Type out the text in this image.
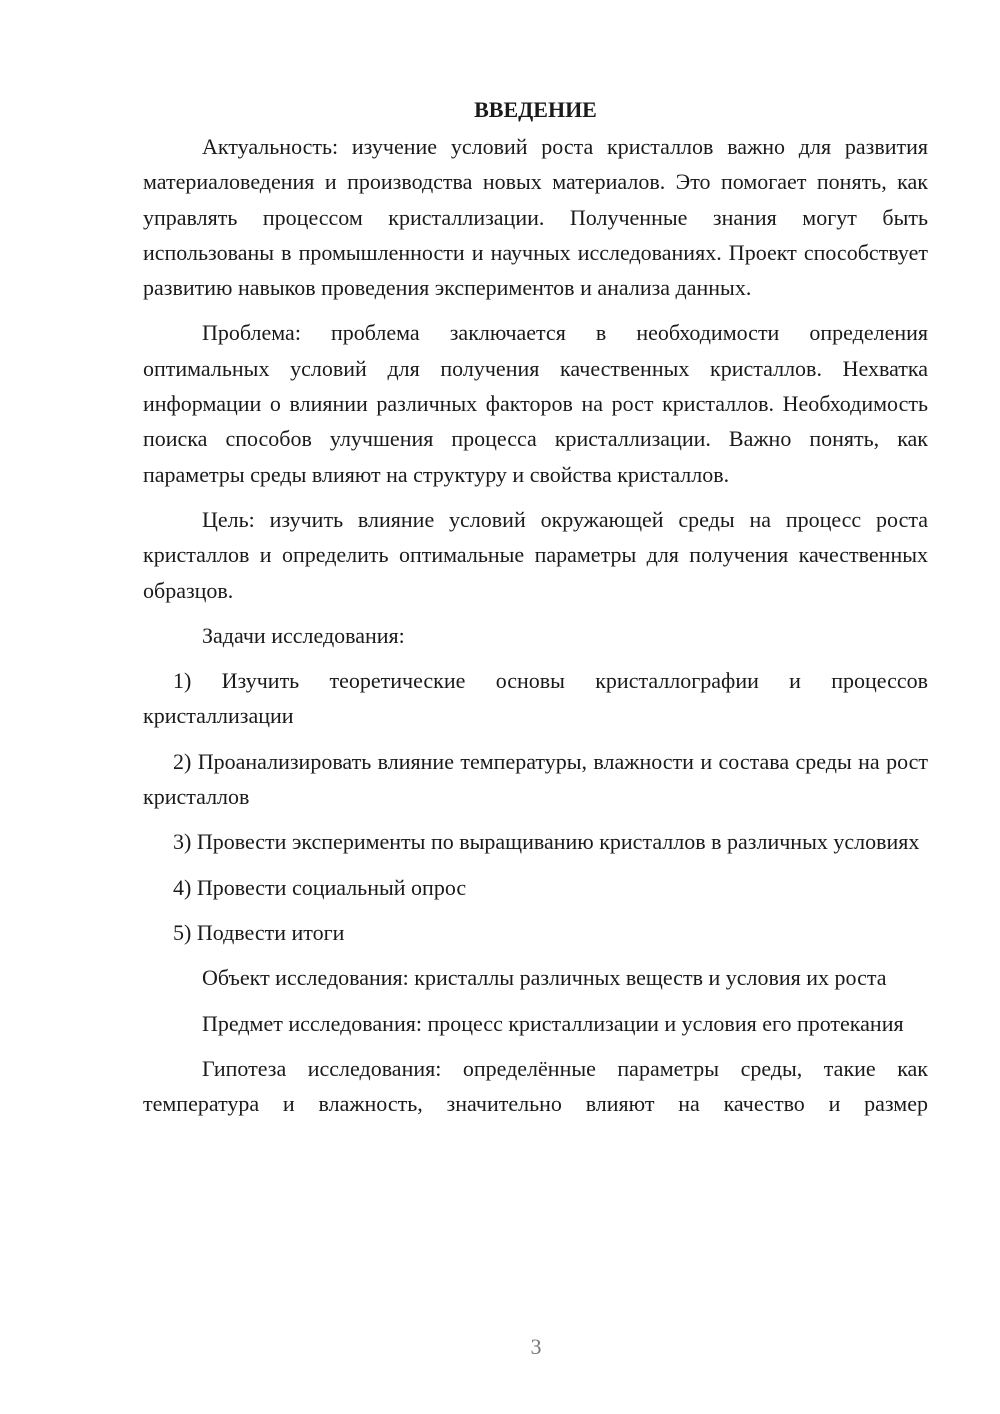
ВВЕДЕНИЕ

Актуальность: изучение условий роста кристаллов важно для развития материаловедения и производства новых материалов. Это помогает понять, как управлять процессом кристаллизации. Полученные знания могут быть использованы в промышленности и научных исследованиях. Проект способствует развитию навыков проведения экспериментов и анализа данных.

Проблема: проблема заключается в необходимости определения оптимальных условий для получения качественных кристаллов. Нехватка информации о влиянии различных факторов на рост кристаллов. Необходимость поиска способов улучшения процесса кристаллизации. Важно понять, как параметры среды влияют на структуру и свойства кристаллов.

Цель: изучить влияние условий окружающей среды на процесс роста кристаллов и определить оптимальные параметры для получения качественных образцов.

Задачи исследования:

1) Изучить теоретические основы кристаллографии и процессов кристаллизации

2) Проанализировать влияние температуры, влажности и состава среды на рост кристаллов

3) Провести эксперименты по выращиванию кристаллов в различных условиях

4) Провести социальный опрос

5) Подвести итоги

Объект исследования: кристаллы различных веществ и условия их роста

Предмет исследования: процесс кристаллизации и условия его протекания

Гипотеза исследования: определённые параметры среды, такие как температура и влажность, значительно влияют на качество и размер

3
